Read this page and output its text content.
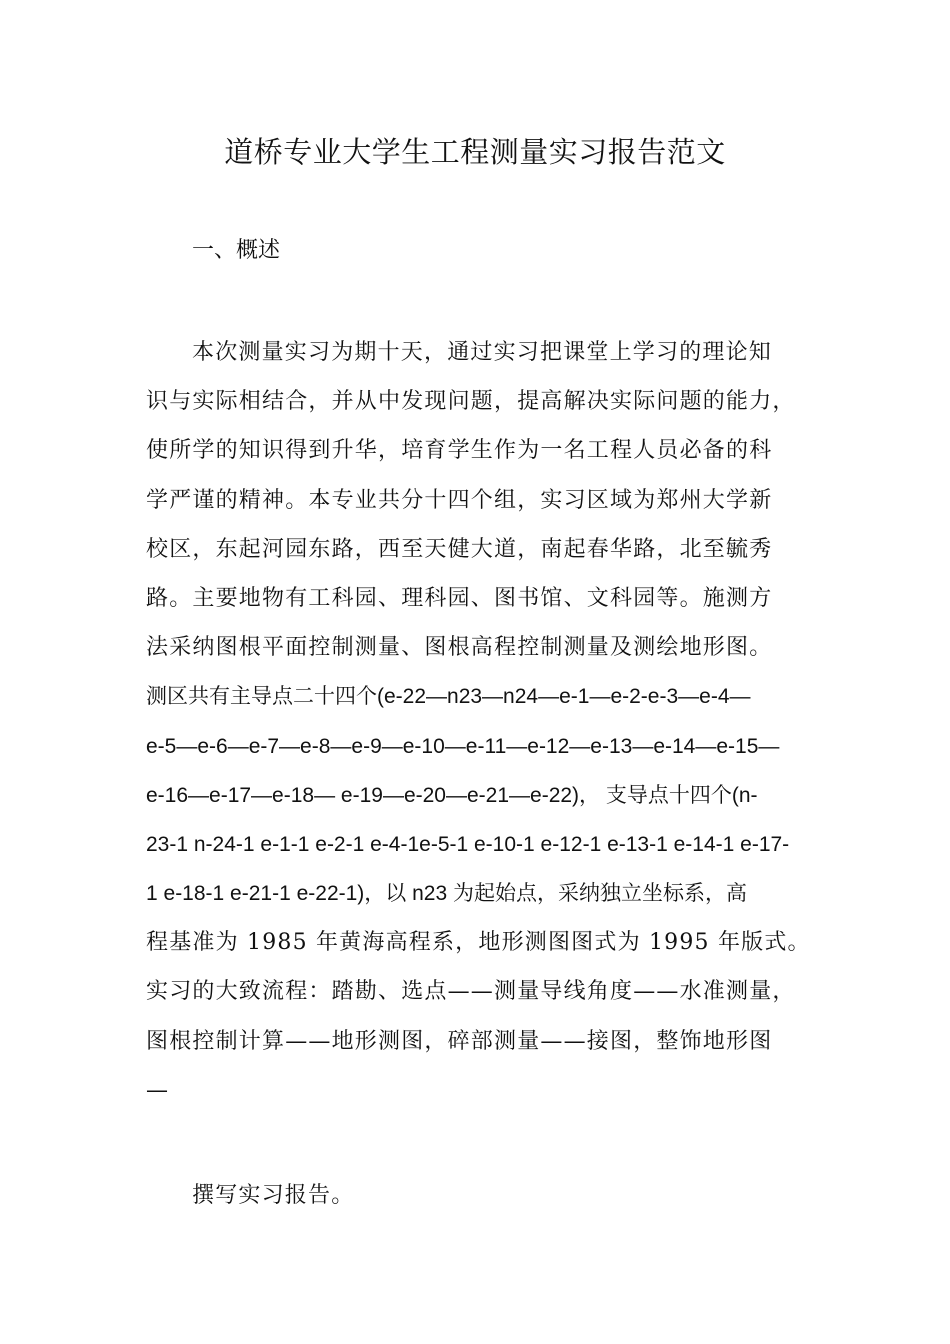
道桥专业大学生工程测量实习报告范文
一、概述
本次测量实习为期十天，通过实习把课堂上学习的理论知
识与实际相结合，并从中发现问题，提高解决实际问题的能力，
使所学的知识得到升华，培育学生作为一名工程人员必备的科
学严谨的精神。本专业共分十四个组，实习区域为郑州大学新
校区，东起河园东路，西至天健大道，南起春华路，北至毓秀
路。主要地物有工科园、理科园、图书馆、文科园等。施测方
法采纳图根平面控制测量、图根高程控制测量及测绘地形图。
测区共有主导点二十四个(e-22—n23—n24—e-1—e-2-e-3—e-4—
e-5—e-6—e-7—e-8—e-9—e-10—e-11—e-12—e-13—e-14—e-15—
e-16—e-17—e-18— e-19—e-20—e-21—e-22)， 支导点十四个(n-
23-1 n-24-1 e-1-1 e-2-1 e-4-1e-5-1 e-10-1 e-12-1 e-13-1 e-14-1 e-17-
1 e-18-1 e-21-1 e-22-1)，以 n23 为起始点，采纳独立坐标系，高
程基准为 1985 年黄海高程系，地形测图图式为 1995 年版式。
实习的大致流程：踏勘、选点——测量导线角度——水准测量，
图根控制计算——地形测图，碎部测量——接图，整饰地形图
—

撰写实习报告。
